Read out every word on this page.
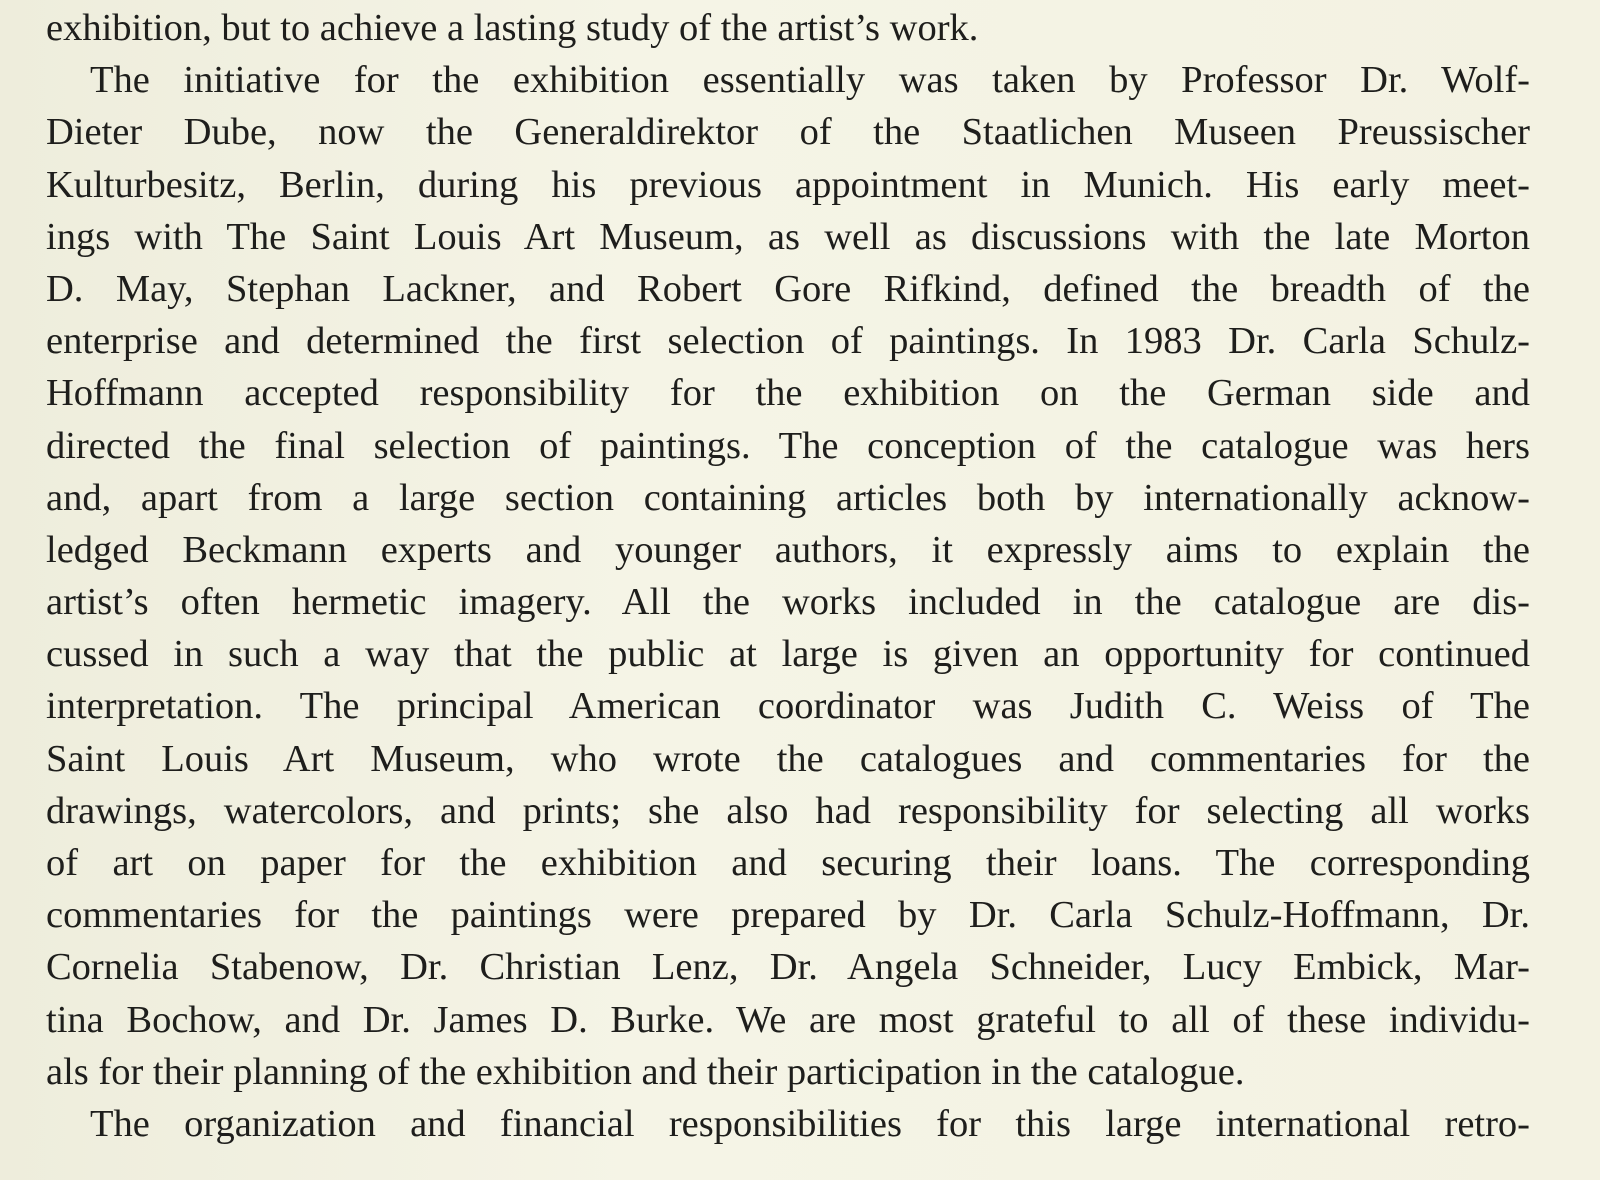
exhibition, but to achieve a lasting study of the artist’s work.
The initiative for the exhibition essentially was taken by Professor Dr. Wolf-
Dieter Dube, now the Generaldirektor of the Staatlichen Museen Preussischer
Kulturbesitz, Berlin, during his previous appointment in Munich. His early meet-
ings with The Saint Louis Art Museum, as well as discussions with the late Morton
D. May, Stephan Lackner, and Robert Gore Rifkind, defined the breadth of the
enterprise and determined the first selection of paintings. In 1983 Dr. Carla Schulz-
Hoffmann accepted responsibility for the exhibition on the German side and
directed the final selection of paintings. The conception of the catalogue was hers
and, apart from a large section containing articles both by internationally acknow-
ledged Beckmann experts and younger authors, it expressly aims to explain the
artist’s often hermetic imagery. All the works included in the catalogue are dis-
cussed in such a way that the public at large is given an opportunity for continued
interpretation. The principal American coordinator was Judith C. Weiss of The
Saint Louis Art Museum, who wrote the catalogues and commentaries for the
drawings, watercolors, and prints; she also had responsibility for selecting all works
of art on paper for the exhibition and securing their loans. The corresponding
commentaries for the paintings were prepared by Dr. Carla Schulz-Hoffmann, Dr.
Cornelia Stabenow, Dr. Christian Lenz, Dr. Angela Schneider, Lucy Embick, Mar-
tina Bochow, and Dr. James D. Burke. We are most grateful to all of these individu-
als for their planning of the exhibition and their participation in the catalogue.
The organization and financial responsibilities for this large international retro-
